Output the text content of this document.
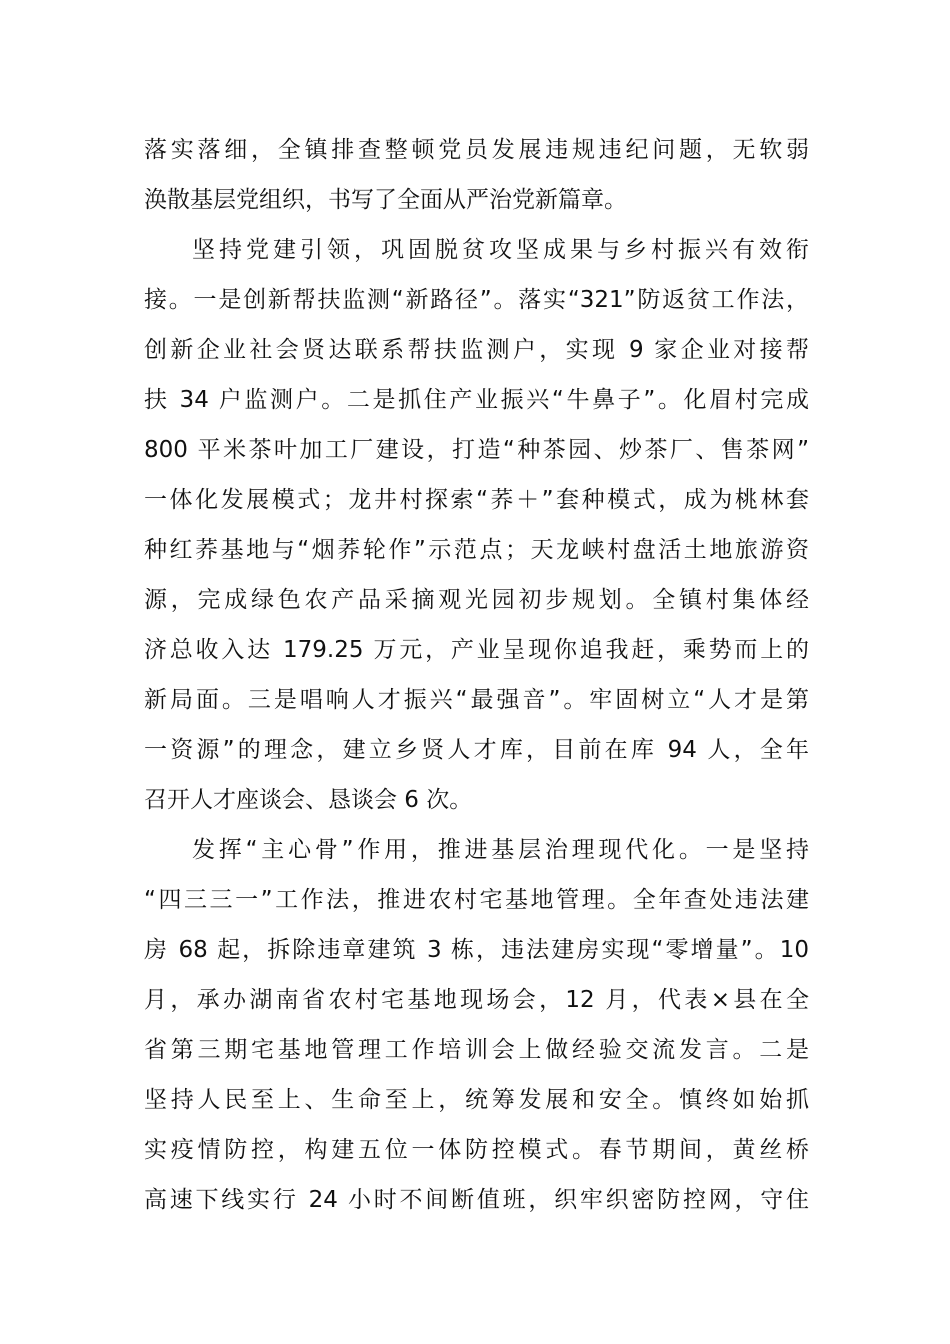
落实落细，全镇排查整顿党员发展违规违纪问题，无软弱
涣散基层党组织，书写了全面从严治党新篇章。
坚持党建引领，巩固脱贫攻坚成果与乡村振兴有效衔
接。一是创新帮扶监测“新路径”。落实“321”防返贫工作法，
创新企业社会贤达联系帮扶监测户，实现 9 家企业对接帮
扶 34 户监测户。二是抓住产业振兴“牛鼻子”。化眉村完成
800 平米茶叶加工厂建设，打造“种茶园、炒茶厂、售茶网”
一体化发展模式；龙井村探索“荞＋”套种模式，成为桃林套
种红荞基地与“烟荞轮作”示范点；天龙峡村盘活土地旅游资
源，完成绿色农产品采摘观光园初步规划。全镇村集体经
济总收入达 179.25 万元，产业呈现你追我赶，乘势而上的
新局面。三是唱响人才振兴“最强音”。牢固树立“人才是第
一资源”的理念，建立乡贤人才库，目前在库 94 人，全年
召开人才座谈会、恳谈会 6 次。
发挥“主心骨”作用，推进基层治理现代化。一是坚持
“四三三一”工作法，推进农村宅基地管理。全年查处违法建
房 68 起，拆除违章建筑 3 栋，违法建房实现“零增量”。10
月，承办湖南省农村宅基地现场会，12 月，代表×县在全
省第三期宅基地管理工作培训会上做经验交流发言。二是
坚持人民至上、生命至上，统筹发展和安全。慎终如始抓
实疫情防控，构建五位一体防控模式。春节期间，黄丝桥
高速下线实行 24 小时不间断值班，织牢织密防控网，守住
